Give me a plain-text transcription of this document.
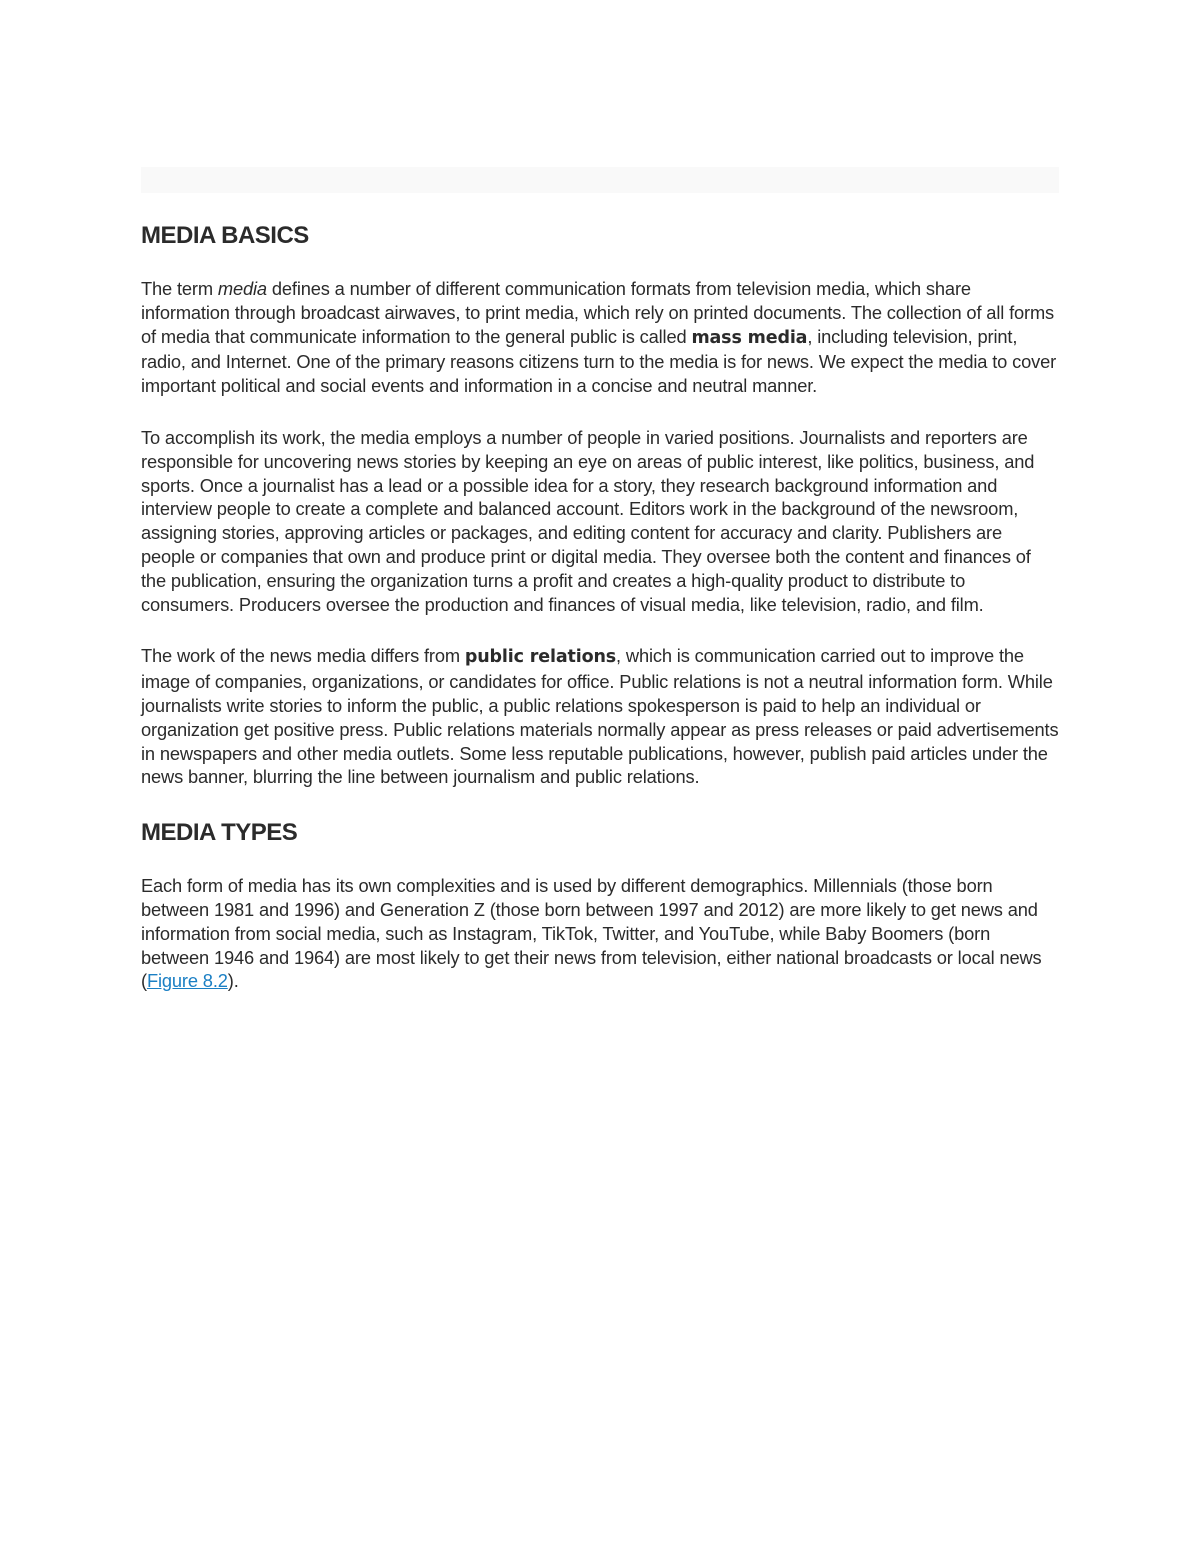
MEDIA BASICS

The term media defines a number of different communication formats from television media, which share information through broadcast airwaves, to print media, which rely on printed documents. The collection of all forms of media that communicate information to the general public is called mass media, including television, print, radio, and Internet. One of the primary reasons citizens turn to the media is for news. We expect the media to cover important political and social events and information in a concise and neutral manner.

To accomplish its work, the media employs a number of people in varied positions. Journalists and reporters are responsible for uncovering news stories by keeping an eye on areas of public interest, like politics, business, and sports. Once a journalist has a lead or a possible idea for a story, they research background information and interview people to create a complete and balanced account. Editors work in the background of the newsroom, assigning stories, approving articles or packages, and editing content for accuracy and clarity. Publishers are people or companies that own and produce print or digital media. They oversee both the content and finances of the publication, ensuring the organization turns a profit and creates a high-quality product to distribute to consumers. Producers oversee the production and finances of visual media, like television, radio, and film.

The work of the news media differs from public relations, which is communication carried out to improve the image of companies, organizations, or candidates for office. Public relations is not a neutral information form. While journalists write stories to inform the public, a public relations spokesperson is paid to help an individual or organization get positive press. Public relations materials normally appear as press releases or paid advertisements in newspapers and other media outlets. Some less reputable publications, however, publish paid articles under the news banner, blurring the line between journalism and public relations.

MEDIA TYPES

Each form of media has its own complexities and is used by different demographics. Millennials (those born between 1981 and 1996) and Generation Z (those born between 1997 and 2012) are more likely to get news and information from social media, such as Instagram, TikTok, Twitter, and YouTube, while Baby Boomers (born between 1946 and 1964) are most likely to get their news from television, either national broadcasts or local news (Figure 8.2).
